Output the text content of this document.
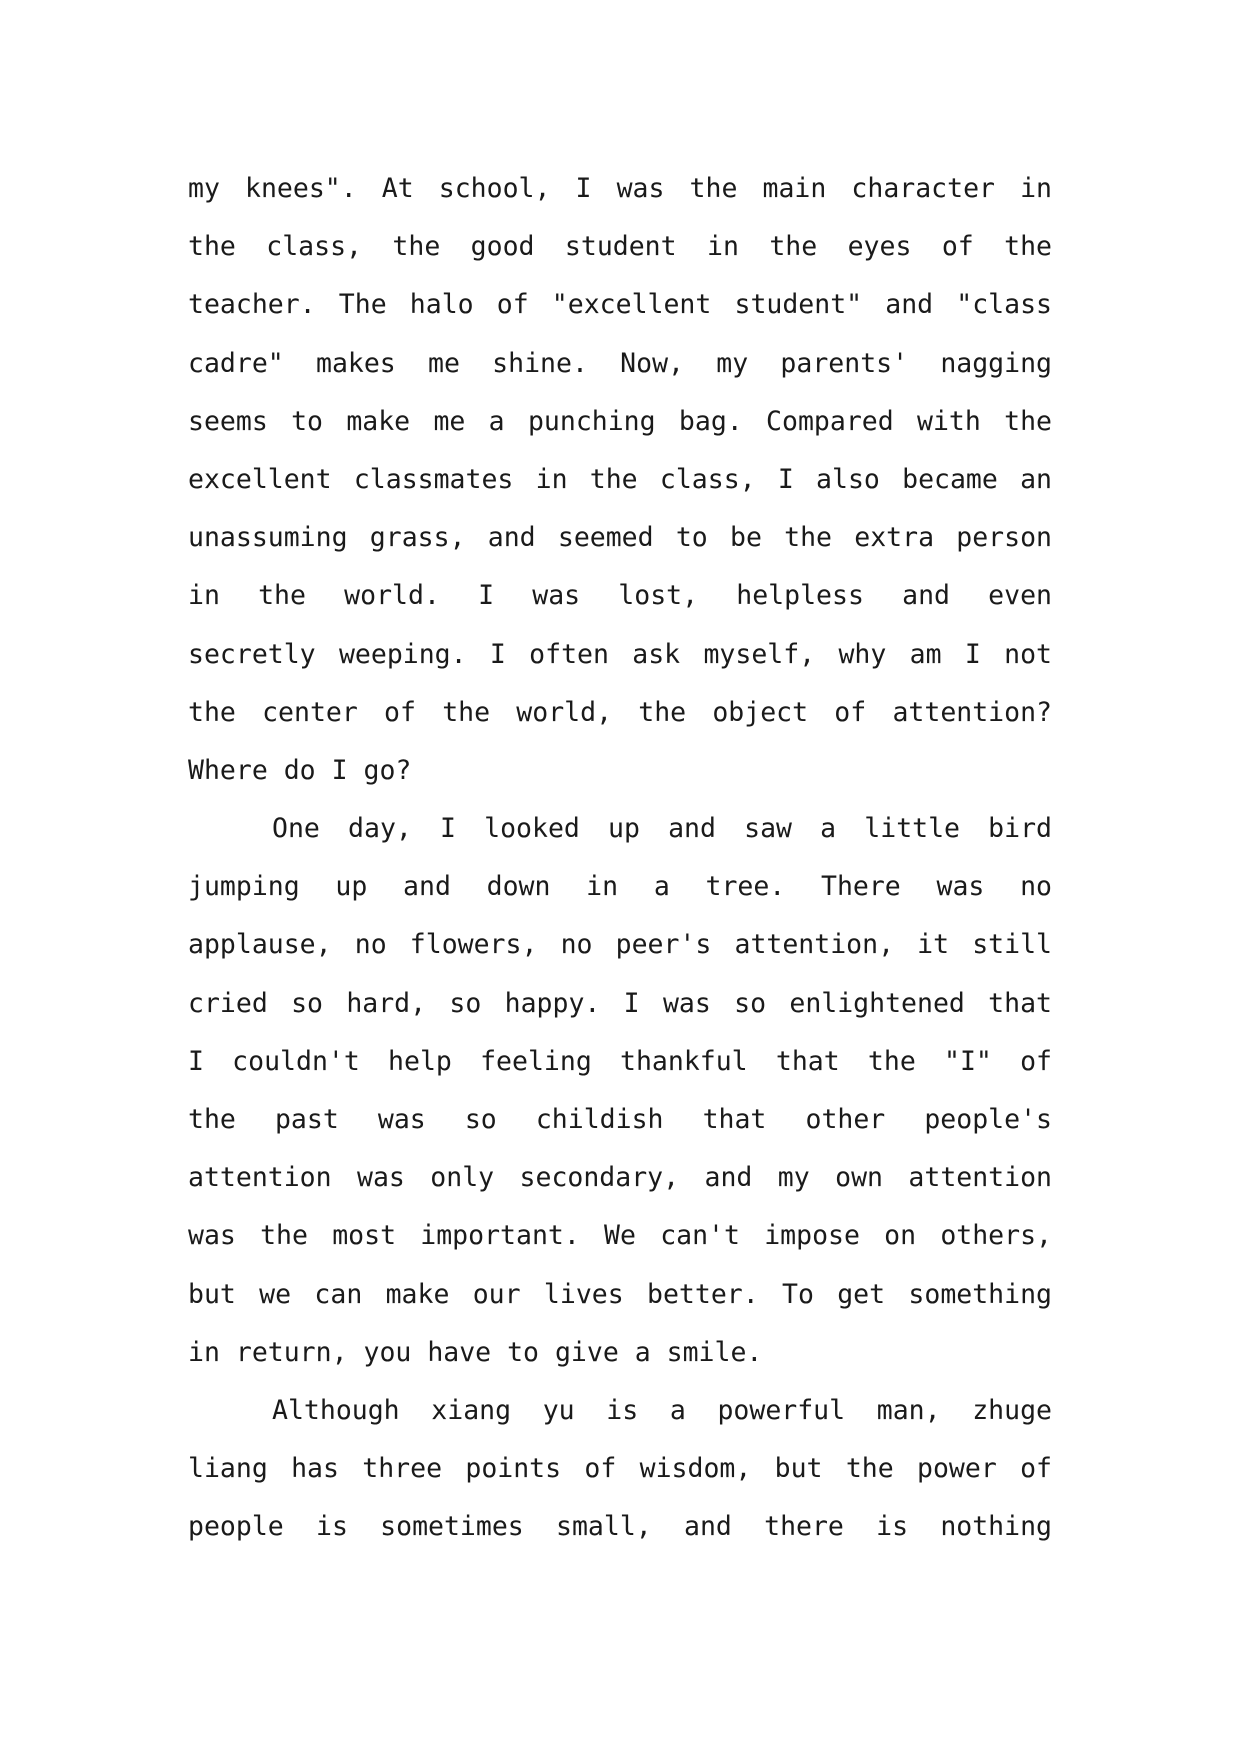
my knees". At school, I was the main character in
the class, the good student in the eyes of the
teacher. The halo of "excellent student" and "class
cadre" makes me shine. Now, my parents' nagging
seems to make me a punching bag. Compared with the
excellent classmates in the class, I also became an
unassuming grass, and seemed to be the extra person
in the world. I was lost, helpless and even
secretly weeping. I often ask myself, why am I not
the center of the world, the object of attention?
Where do I go?
One day, I looked up and saw a little bird
jumping up and down in a tree. There was no
applause, no flowers, no peer's attention, it still
cried so hard, so happy. I was so enlightened that
I couldn't help feeling thankful that the "I" of
the past was so childish that other people's
attention was only secondary, and my own attention
was the most important. We can't impose on others,
but we can make our lives better. To get something
in return, you have to give a smile.
Although xiang yu is a powerful man, zhuge
liang has three points of wisdom, but the power of
people is sometimes small, and there is nothing
